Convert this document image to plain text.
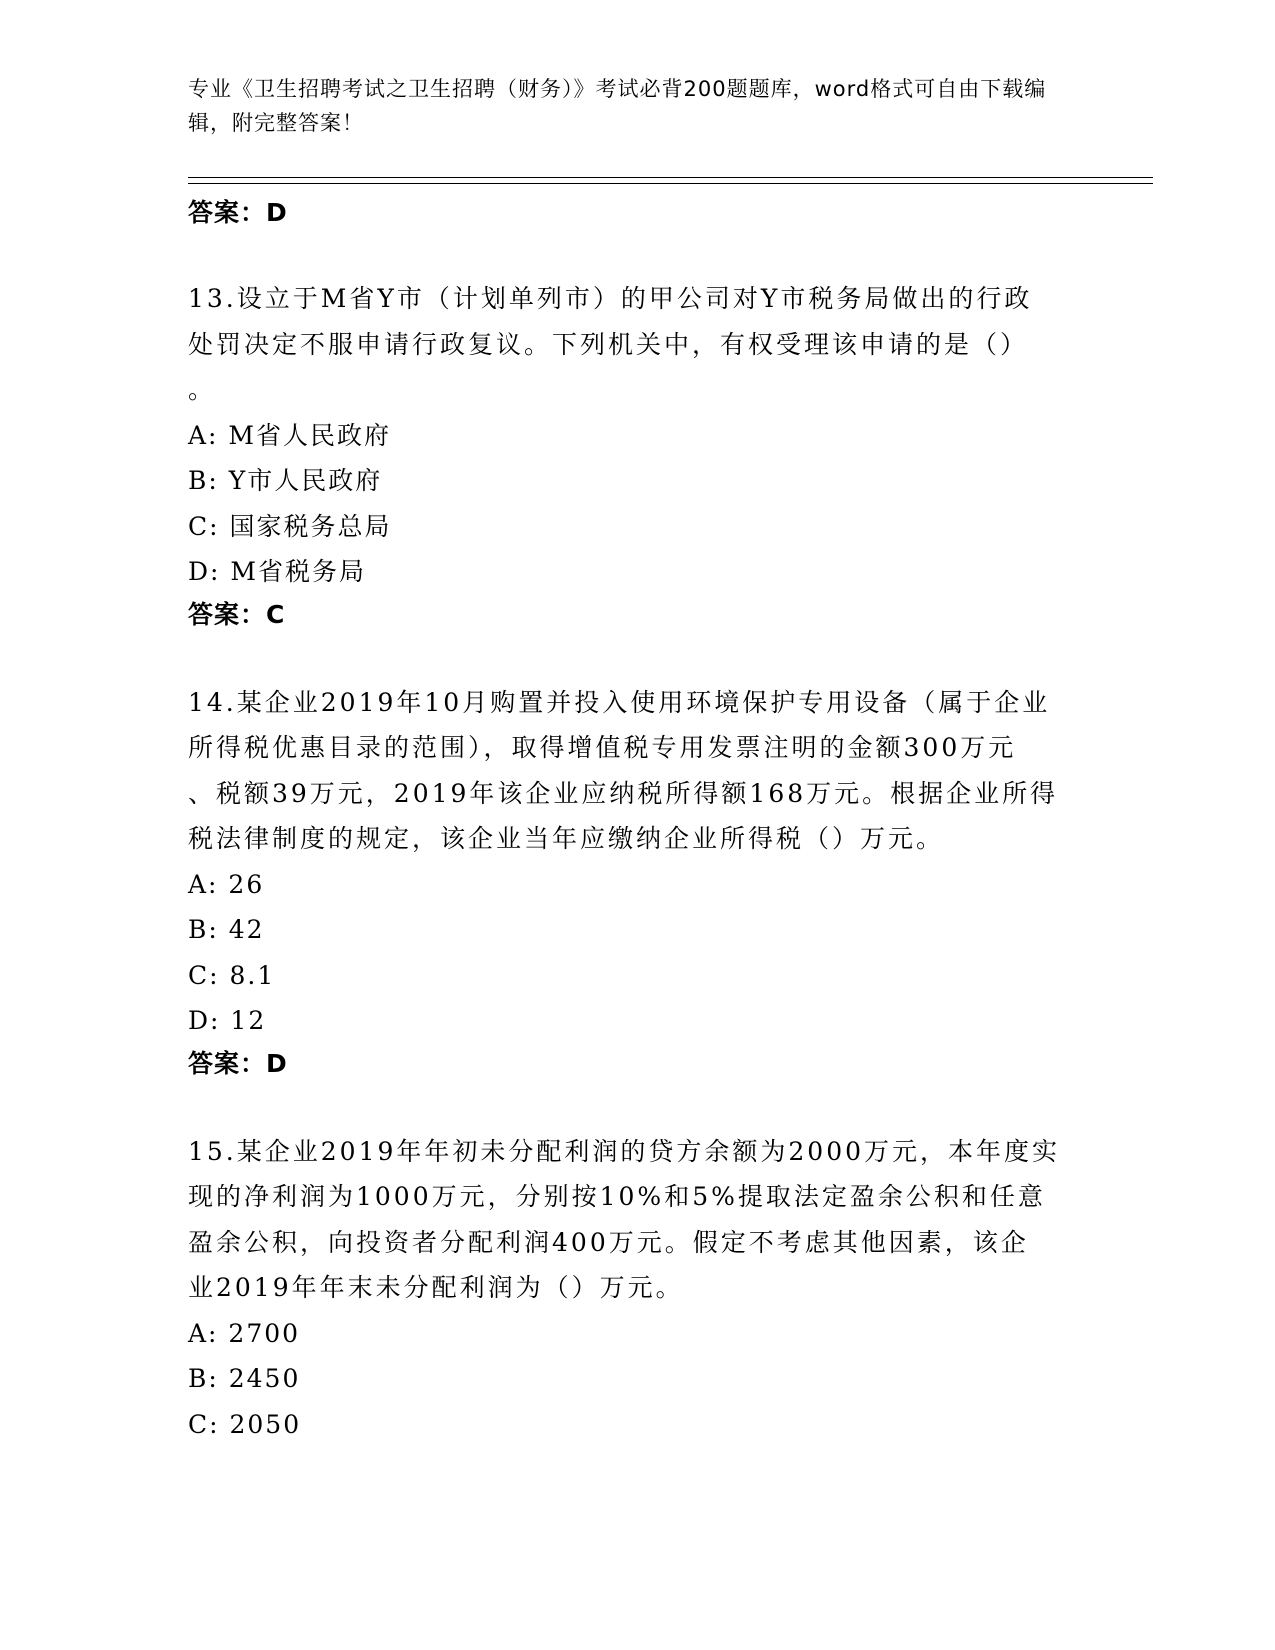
专业《卫生招聘考试之卫生招聘（财务）》考试必背200题题库，word格式可自由下载编辑，附完整答案！
答案：D
13.设立于M省Y市（计划单列市）的甲公司对Y市税务局做出的行政
处罚决定不服申请行政复议。下列机关中，有权受理该申请的是（）
。
A: M省人民政府
B: Y市人民政府
C: 国家税务总局
D: M省税务局
答案：C
14.某企业2019年10月购置并投入使用环境保护专用设备（属于企业
所得税优惠目录的范围），取得增值税专用发票注明的金额300万元
、税额39万元，2019年该企业应纳税所得额168万元。根据企业所得
税法律制度的规定，该企业当年应缴纳企业所得税（）万元。
A: 26
B: 42
C: 8.1
D: 12
答案：D
15.某企业2019年年初未分配利润的贷方余额为2000万元，本年度实
现的净利润为1000万元，分别按10%和5%提取法定盈余公积和任意
盈余公积，向投资者分配利润400万元。假定不考虑其他因素，该企
业2019年年末未分配利润为（）万元。
A: 2700
B: 2450
C: 2050
